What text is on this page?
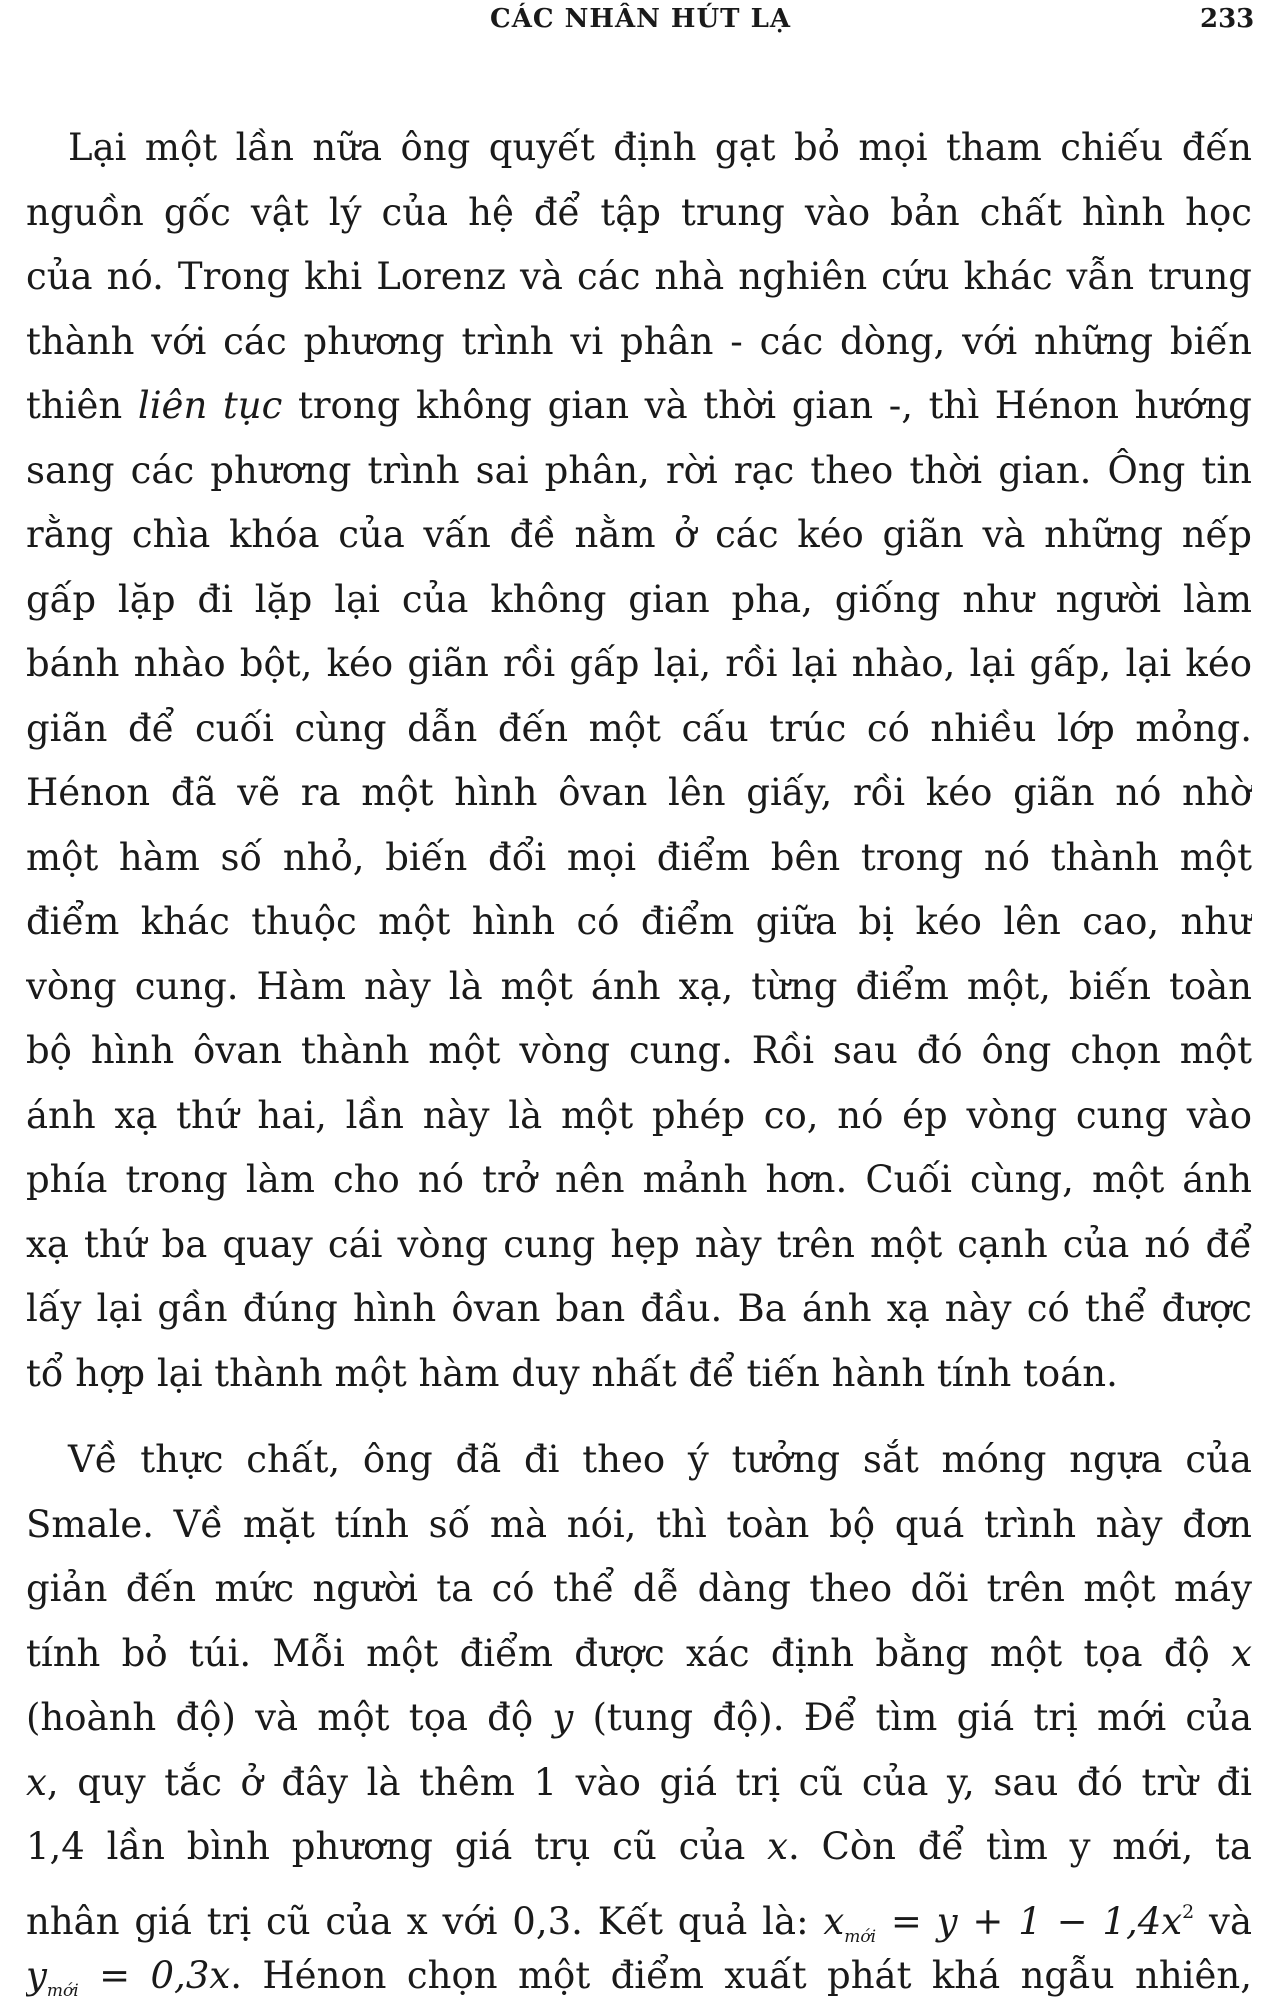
CÁC NHÂN HÚT LẠ	233
Lại một lần nữa ông quyết định gạt bỏ mọi tham chiếu đến
nguồn gốc vật lý của hệ để tập trung vào bản chất hình học
của nó. Trong khi Lorenz và các nhà nghiên cứu khác vẫn trung
thành với các phương trình vi phân - các dòng, với những biến
thiên liên tục trong không gian và thời gian -, thì Hénon hướng
sang các phương trình sai phân, rời rạc theo thời gian. Ông tin
rằng chìa khóa của vấn đề nằm ở các kéo giãn và những nếp
gấp lặp đi lặp lại của không gian pha, giống như người làm
bánh nhào bột, kéo giãn rồi gấp lại, rồi lại nhào, lại gấp, lại kéo
giãn để cuối cùng dẫn đến một cấu trúc có nhiều lớp mỏng.
Hénon đã vẽ ra một hình ôvan lên giấy, rồi kéo giãn nó nhờ
một hàm số nhỏ, biến đổi mọi điểm bên trong nó thành một
điểm khác thuộc một hình có điểm giữa bị kéo lên cao, như
vòng cung. Hàm này là một ánh xạ, từng điểm một, biến toàn
bộ hình ôvan thành một vòng cung. Rồi sau đó ông chọn một
ánh xạ thứ hai, lần này là một phép co, nó ép vòng cung vào
phía trong làm cho nó trở nên mảnh hơn. Cuối cùng, một ánh
xạ thứ ba quay cái vòng cung hẹp này trên một cạnh của nó để
lấy lại gần đúng hình ôvan ban đầu. Ba ánh xạ này có thể được
tổ hợp lại thành một hàm duy nhất để tiến hành tính toán.
Về thực chất, ông đã đi theo ý tưởng sắt móng ngựa của
Smale. Về mặt tính số mà nói, thì toàn bộ quá trình này đơn
giản đến mức người ta có thể dễ dàng theo dõi trên một máy
tính bỏ túi. Mỗi một điểm được xác định bằng một tọa độ x
(hoành độ) và một tọa độ y (tung độ). Để tìm giá trị mới của
x, quy tắc ở đây là thêm 1 vào giá trị cũ của y, sau đó trừ đi
1,4 lần bình phương giá trụ cũ của x. Còn để tìm y mới, ta
nhân giá trị cũ của x với 0,3. Kết quả là: $x_{mới} = y + 1 - 1,4x^2$ và
$y_{mới} = 0,3x$. Hénon chọn một điểm xuất phát khá ngẫu nhiên,
